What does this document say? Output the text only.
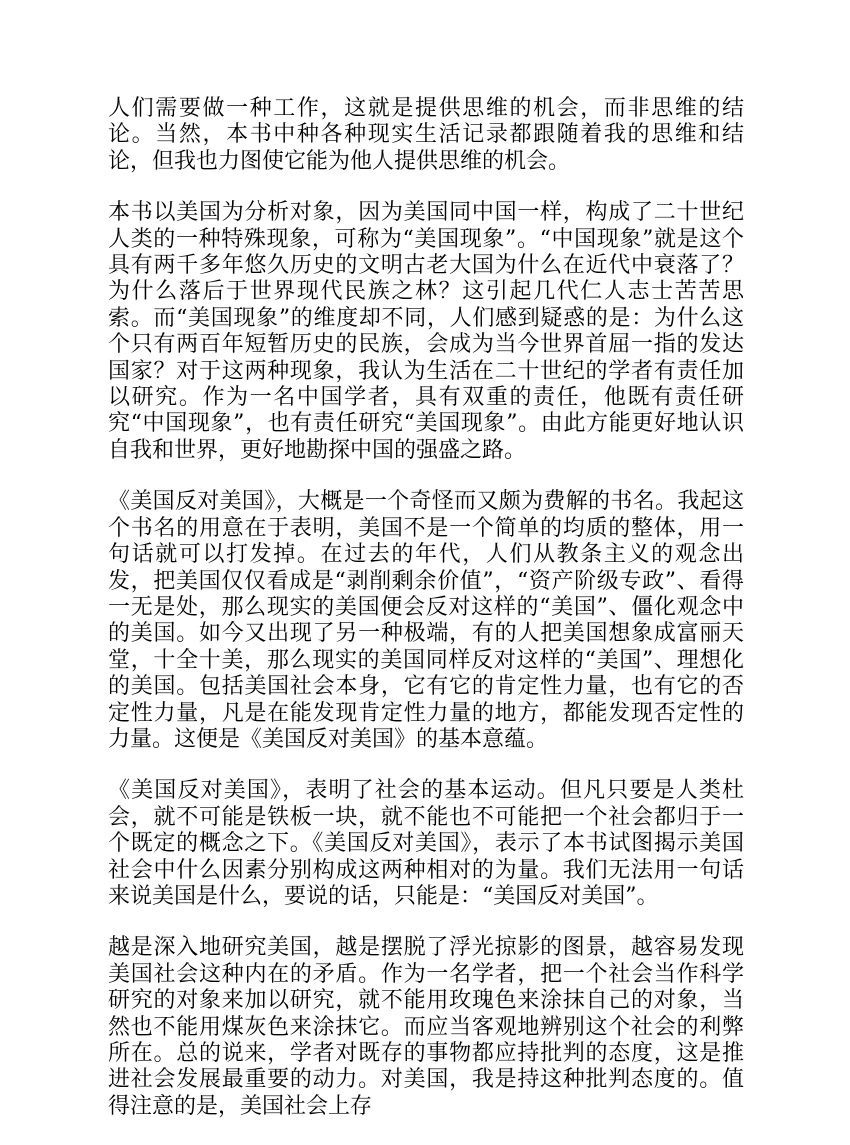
人们需要做一种工作，这就是提供思维的机会，而非思维的结论。当然，本书中种各种现实生活记录都跟随着我的思维和结论，但我也力图使它能为他人提供思维的机会。

本书以美国为分析对象，因为美国同中国一样，构成了二十世纪人类的一种特殊现象，可称为“美国现象”。“中国现象”就是这个具有两千多年悠久历史的文明古老大国为什么在近代中衰落了？为什么落后于世界现代民族之林？这引起几代仁人志士苦苦思索。而“美国现象”的维度却不同，人们感到疑惑的是：为什么这个只有两百年短暂历史的民族，会成为当今世界首屈一指的发达国家？对于这两种现象，我认为生活在二十世纪的学者有责任加以研究。作为一名中国学者，具有双重的责任，他既有责任研究“中国现象”，也有责任研究“美国现象”。由此方能更好地认识自我和世界，更好地勘探中国的强盛之路。

《美国反对美国》，大概是一个奇怪而又颇为费解的书名。我起这个书名的用意在于表明，美国不是一个简单的均质的整体，用一句话就可以打发掉。在过去的年代，人们从教条主义的观念出发，把美国仅仅看成是“剥削剩余价值”，“资产阶级专政”、看得一无是处，那么现实的美国便会反对这样的“美国”、僵化观念中的美国。如今又出现了另一种极端，有的人把美国想象成富丽天堂，十全十美，那么现实的美国同样反对这样的“美国”、理想化的美国。包括美国社会本身，它有它的肯定性力量，也有它的否定性力量，凡是在能发现肯定性力量的地方，都能发现否定性的力量。这便是《美国反对美国》的基本意蕴。

《美国反对美国》，表明了社会的基本运动。但凡只要是人类杜会，就不可能是铁板一块，就不能也不可能把一个社会都归于一个既定的概念之下。《美国反对美国》，表示了本书试图揭示美国社会中什么因素分别构成这两种相对的为量。我们无法用一句话来说美国是什么，要说的话，只能是：“美国反对美国”。

越是深入地研究美国，越是摆脱了浮光掠影的图景，越容易发现美国社会这种内在的矛盾。作为一名学者，把一个社会当作科学研究的对象来加以研究，就不能用玫瑰色来涂抹自己的对象，当然也不能用煤灰色来涂抹它。而应当客观地辨别这个社会的利弊所在。总的说来，学者对既存的事物都应持批判的态度，这是推进社会发展最重要的动力。对美国，我是持这种批判态度的。值得注意的是，美国社会上存
